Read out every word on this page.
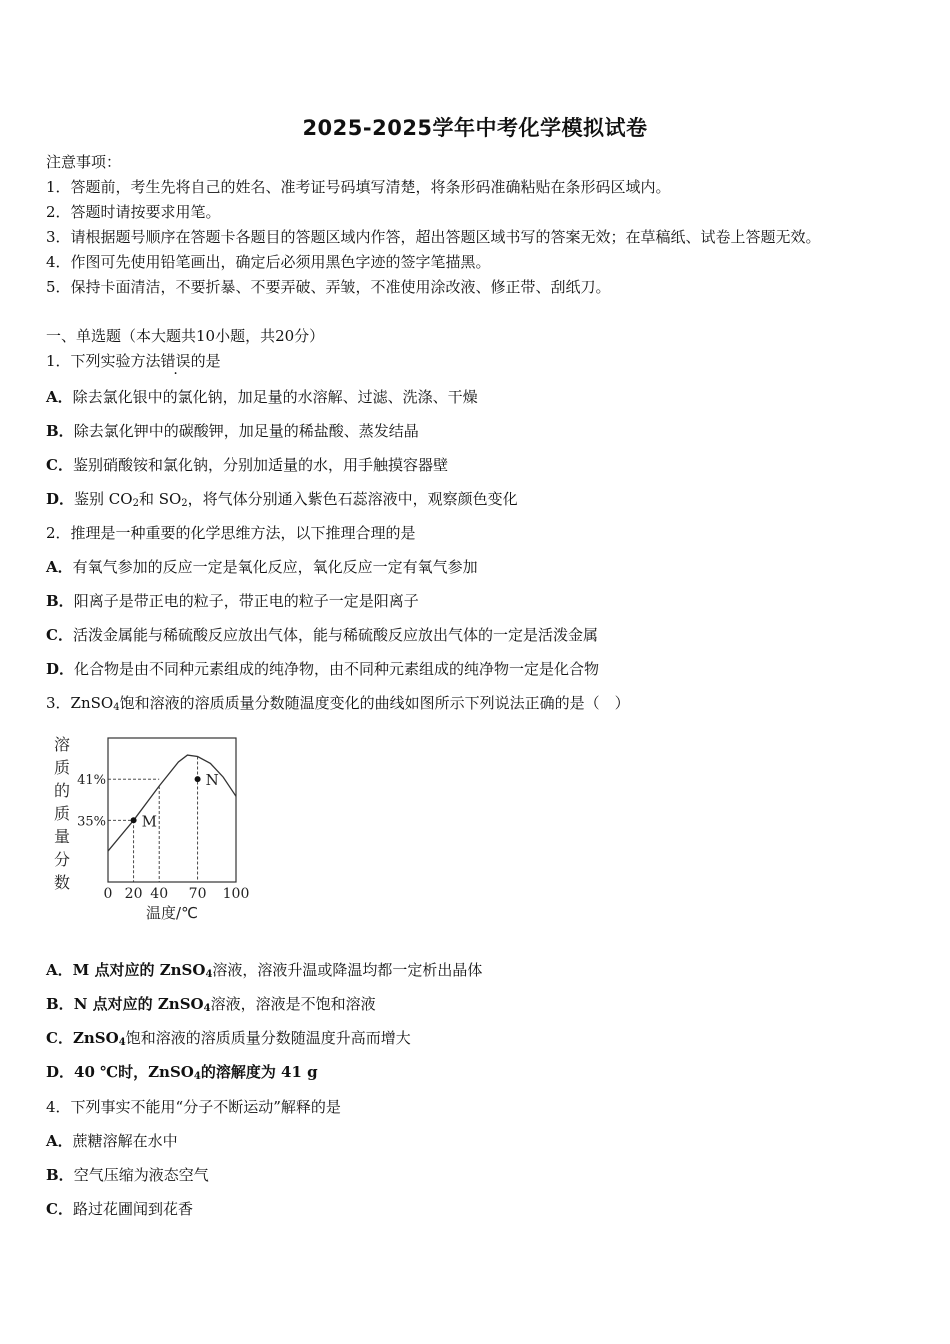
2025-2025学年中考化学模拟试卷
注意事项：
1．答题前，考生先将自己的姓名、准考证号码填写清楚，将条形码准确粘贴在条形码区域内。
2．答题时请按要求用笔。
3．请根据题号顺序在答题卡各题目的答题区域内作答，超出答题区域书写的答案无效；在草稿纸、试卷上答题无效。
4．作图可先使用铅笔画出，确定后必须用黑色字迹的签字笔描黑。
5．保持卡面清洁，不要折暴、不要弄破、弄皱，不准使用涂改液、修正带、刮纸刀。
一、单选题（本大题共10小题，共20分）
1．下列实验方法错误的是
A．除去氯化银中的氯化钠，加足量的水溶解、过滤、洗涤、干燥
B．除去氯化钾中的碳酸钾，加足量的稀盐酸、蒸发结晶
C．鉴别硝酸铵和氯化钠，分别加适量的水，用手触摸容器壁
D．鉴别 $CO_2$和 $SO_2$，将气体分别通入紫色石蕊溶液中，观察颜色变化
2．推理是一种重要的化学思维方法，以下推理合理的是
A．有氧气参加的反应一定是氧化反应，氧化反应一定有氧气参加
B．阳离子是带正电的粒子，带正电的粒子一定是阳离子
C．活泼金属能与稀硫酸反应放出气体，能与稀硫酸反应放出气体的一定是活泼金属
D．化合物是由不同种元素组成的纯净物，由不同种元素组成的纯净物一定是化合物
3．ZnSO$_4$饱和溶液的溶质质量分数随温度变化的曲线如图所示下列说法正确的是（　）
溶
质
的
质
量
分
数
M
N
35%
41%
0 20 40 70 100
温度/℃
A．M 点对应的 ZnSO$_4$溶液，溶液升温或降温均都一定析出晶体
B．N 点对应的 ZnSO$_4$溶液，溶液是不饱和溶液
C．ZnSO$_4$饱和溶液的溶质质量分数随温度升高而增大
D．40 ℃时，ZnSO$_4$的溶解度为 41 g
4．下列事实不能用“分子不断运动”解释的是
A．蔗糖溶解在水中
B．空气压缩为液态空气
C．路过花圃闻到花香
